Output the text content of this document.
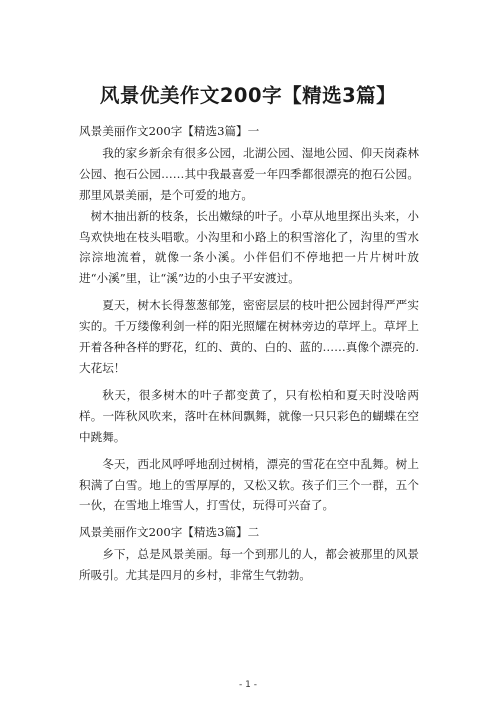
风景优美作文200字【精选3篇】

风景美丽作文200字【精选3篇】一

我的家乡新余有很多公园，北湖公园、湿地公园、仰天岗森林公园、抱石公园……其中我最喜爱一年四季都很漂亮的抱石公园。那里风景美丽，是个可爱的地方。

树木抽出新的枝条，长出嫩绿的叶子。小草从地里探出头来，小鸟欢快地在枝头唱歌。小沟里和小路上的积雪溶化了，沟里的雪水淙淙地流着，就像一条小溪。小伴侣们不停地把一片片树叶放进“小溪”里，让“溪”边的小虫子平安渡过。

夏天，树木长得葱葱郁笼，密密层层的枝叶把公园封得严严实实的。千万缕像利剑一样的阳光照耀在树林旁边的草坪上。草坪上开着各种各样的野花，红的、黄的、白的、蓝的……真像个漂亮的.大花坛！

秋天，很多树木的叶子都变黄了，只有松柏和夏天时没啥两样。一阵秋风吹来，落叶在林间飘舞，就像一只只彩色的蝴蝶在空中跳舞。

冬天，西北风呼呼地刮过树梢，漂亮的雪花在空中乱舞。树上积满了白雪。地上的雪厚厚的，又松又软。孩子们三个一群，五个一伙，在雪地上堆雪人，打雪仗，玩得可兴奋了。

风景美丽作文200字【精选3篇】二

乡下，总是风景美丽。每一个到那儿的人，都会被那里的风景所吸引。尤其是四月的乡村，非常生气勃勃。

- 1 -
